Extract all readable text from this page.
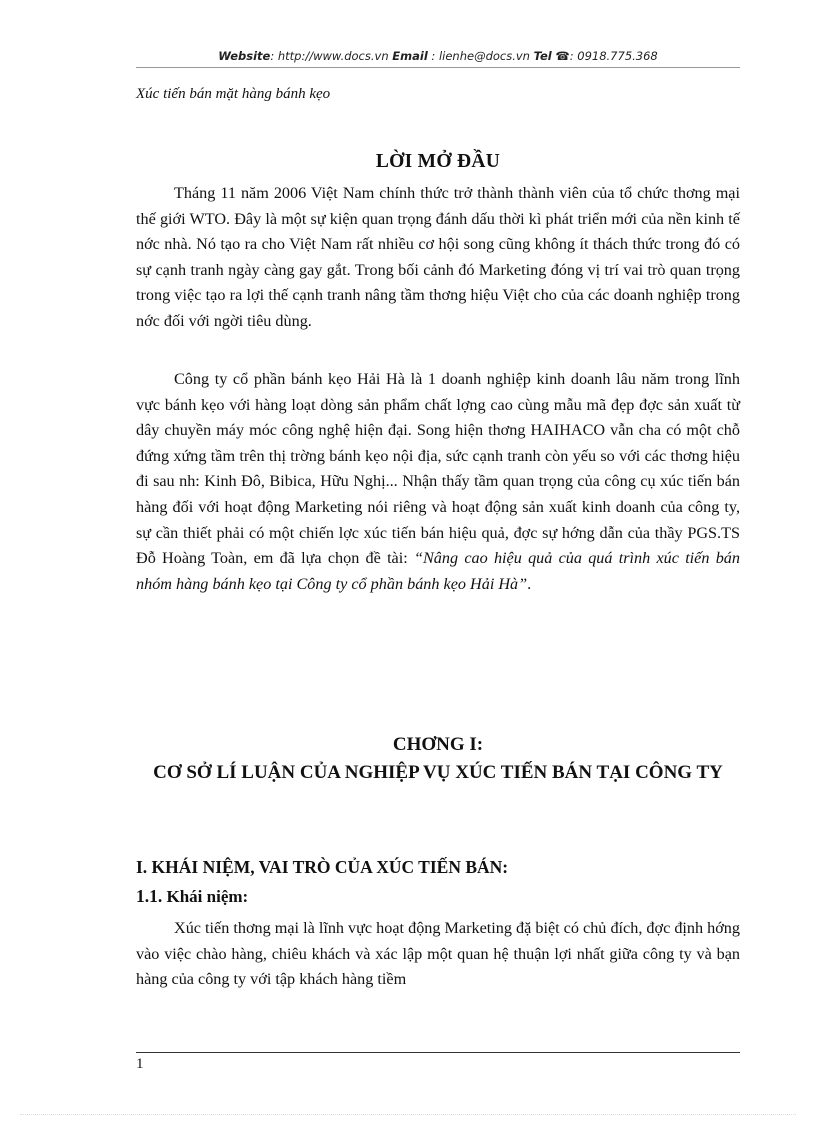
Website: http://www.docs.vn Email : lienhe@docs.vn Tel ☎: 0918.775.368
Xúc tiến bán mặt hàng bánh kẹo
LỜI MỞ ĐẦU

Tháng 11 năm 2006 Việt Nam chính thức trở thành thành viên của tổ chức thơng mại thế giới WTO. Đây là một sự kiện quan trọng đánh dấu thời kì phát triển mới của nền kinh tế nớc nhà. Nó tạo ra cho Việt Nam rất nhiều cơ hội song cũng không ít thách thức trong đó có sự cạnh tranh ngày càng gay gắt. Trong bối cảnh đó Marketing đóng vị trí vai trò quan trọng trong việc tạo ra lợi thế cạnh tranh nâng tầm thơng hiệu Việt cho của các doanh nghiệp trong nớc đối với ngời tiêu dùng.

Công ty cổ phần bánh kẹo Hải Hà là 1 doanh nghiệp kinh doanh lâu năm trong lĩnh vực bánh kẹo với hàng loạt dòng sản phẩm chất lợng cao cùng mẫu mã đẹp đợc sản xuất từ dây chuyền máy móc công nghệ hiện đại. Song hiện thơng HAIHACO vẫn cha có một chỗ đứng xứng tầm trên thị trờng bánh kẹo nội địa, sức cạnh tranh còn yếu so với các thơng hiệu đi sau nh: Kinh Đô, Bibica, Hữu Nghị... Nhận thấy tầm quan trọng của công cụ xúc tiến bán hàng đối với hoạt động Marketing nói riêng và hoạt động sản xuất kinh doanh của công ty, sự cần thiết phải có một chiến lợc xúc tiến bán hiệu quả, đợc sự hớng dẫn của thầy PGS.TS Đỗ Hoàng Toàn, em đã lựa chọn đề tài: “Nâng cao hiệu quả của quá trình xúc tiến bán nhóm hàng bánh kẹo tại Công ty cổ phần bánh kẹo Hải Hà”.

CHƠNG I:
CƠ SỞ LÍ LUẬN CỦA NGHIỆP VỤ XÚC TIẾN BÁN TẠI CÔNG TY
I. KHÁI NIỆM, VAI TRÒ CỦA XÚC TIẾN BÁN:
1.1. Khái niệm:

Xúc tiến thơng mại là lĩnh vực hoạt động Marketing đặ biệt có chủ đích, đợc định hớng vào việc chào hàng, chiêu khách và xác lập một quan hệ thuận lợi nhất giữa công ty và bạn hàng của công ty với tập khách hàng tiềm

1
